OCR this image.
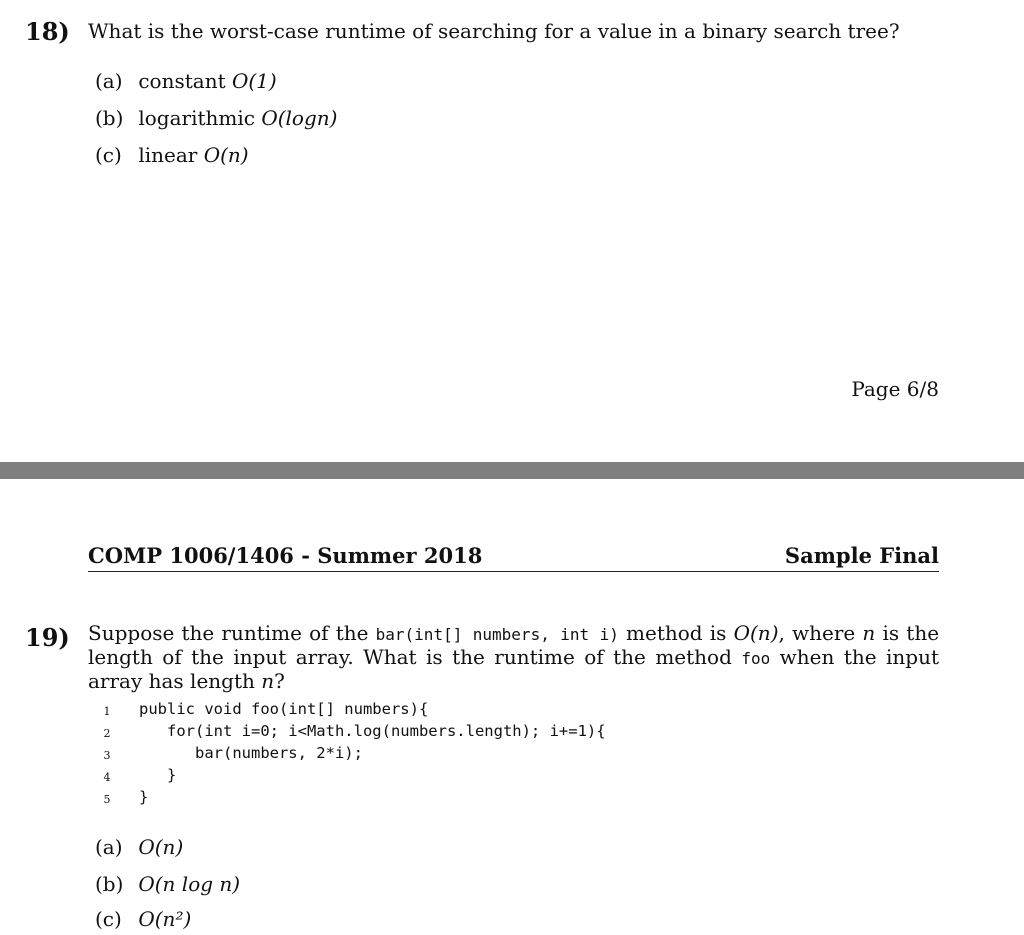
18) What is the worst-case runtime of searching for a value in a binary search tree?
(a) constant O(1)
(b) logarithmic O(logn)
(c) linear O(n)
Page 6/8
COMP 1006/1406 - Summer 2018	Sample Final
19) Suppose the runtime of the bar(int[] numbers, int i) method is O(n), where n is the length of the input array. What is the runtime of the method foo when the input array has length n?

1

public void foo(int[] numbers){

2

for(int i=0; i<Math.log(numbers.length); i+=1){

3

bar(numbers, 2*i);

4

}

5

}

(a) O(n)
(b) O(n log n)
(c) O(n²)
